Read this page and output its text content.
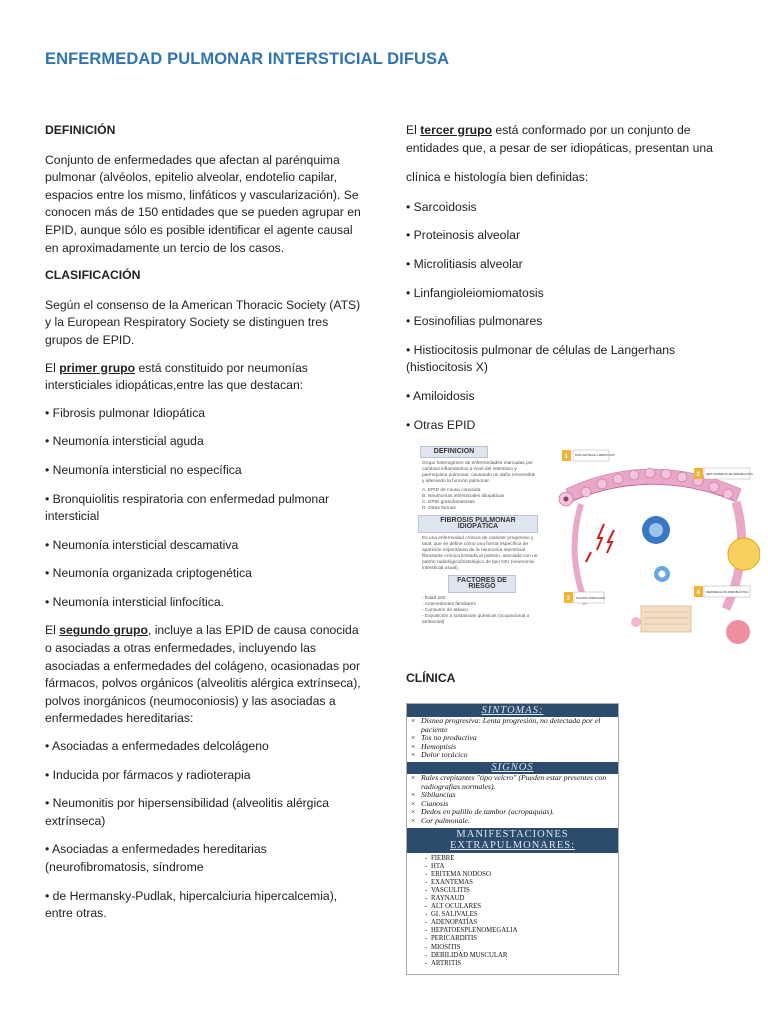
ENFERMEDAD PULMONAR INTERSTICIAL DIFUSA
DEFINICIÓN

Conjunto de enfermedades que afectan al parénquima pulmonar (alvéolos, epitelio alveolar, endotelio capilar, espacios entre los mismo, linfáticos y vascularización). Se conocen más de 150 entidades que se pueden agrupar en EPID, aunque sólo es posible identificar el agente causal en aproximadamente un tercio de los casos.

CLASIFICACIÓN

Según el consenso de la American Thoracic Society (ATS) y la European Respiratory Society se distinguen tres grupos de EPID.

El primer grupo está constituido por neumonías intersticiales idiopáticas,entre las que destacan:

• Fibrosis pulmonar Idiopática
• Neumonía intersticial aguda
• Neumonía intersticial no específica
• Bronquiolitis respiratoria con enfermedad pulmonar intersticial
• Neumonía intersticial descamativa
• Neumonía organizada criptogenética
• Neumonía intersticial linfocítica.

El segundo grupo, incluye a las EPID de causa conocida o asociadas a otras enfermedades, incluyendo las asociadas a enfermedades del colágeno, ocasionadas por fármacos, polvos orgánicos (alveolitis alérgica extrínseca), polvos inorgánicos (neumoconiosis) y las asociadas a enfermedades hereditarias:

• Asociadas a enfermedades delcolágeno
• Inducida por fármacos y radioterapia
• Neumonitis por hipersensibilidad (alveolitis alérgica extrínseca)
• Asociadas a enfermedades hereditarias (neurofibromatosis, síndrome
• de Hermansky-Pudlak, hipercalciuria hipercalcemia), entre otras.

El tercer grupo está conformado por un conjunto de entidades que, a pesar de ser idiopáticas, presentan una

clínica e histología bien definidas:

• Sarcoidosis
• Proteinosis alveolar
• Microlitiasis alveolar
• Linfangioleiomiomatosis
• Eosinofilias pulmonares
• Histiocitosis pulmonar de células de Langerhans (histiocitosis X)
• Amiloidosis
• Otras EPID
DEFINICION
Grupo heterogéneo de enfermedades marcadas por cambios inflamatorios a nivel del intersticio y parénquima pulmonar, causando un daño irreversible y alterando la función pulmonar.
A. EPID de causa conocida
B. Neumonías intersticiales idiopáticas
C. EPID granulomatosas
D. Otras formas
FIBROSIS PULMONAR IDIOPÁTICA
Es una enfermedad crónica de carácter progresivo y fatal, que se define como una forma específica de aparición espontánea de la neumonía intersticial fibrosante crónica limitada al pulmón, asociada con un patrón radiológico/histológico de tipo NIU (neumonía intersticial usual).
FACTORES DE RIESGO
- Edad ≥50
- Antecedentes familiares
- Consumo de tabaco
- Exposición a sustancias químicas (ocupacional o ambiental)
1	DAÑO EPITELIAL A REPETICIÓN
2 RECLUTAMIENTO DE FIBROBLASTOS
3 PULMÓN FIBROSADO
4 REMODELACIÓN FIBROBLÁSTICA
CLÍNICA
SINTOMAS:
× Disnea progresiva: Lenta progresión, no detectada por el paciente
× Tos no productiva
× Hemoptisis
× Dolor torácico
SIGNOS
× Rales crepitantes "tipo velcro" (Pueden estar presentes con radiografías normales).
× Sibilancias
× Cianosis
× Dedos en palillo de tambor (acropaquias).
× Cor pulmonale.
MANIFESTACIONES
EXTRAPULMONARES:
- FIEBRE
- HTA
- ERITEMA NODOSO
- EXANTEMAS
- VASCULITIS
- RAYNAUD
- ALT OCULARES
- GL SALIVALES
- ADENOPATÍAS
- HEPATOESPLENOMEGALIA
- PERICARDITIS
- MIOSITIS
- DEBILIDAD MUSCULAR
- ARTRITIS
